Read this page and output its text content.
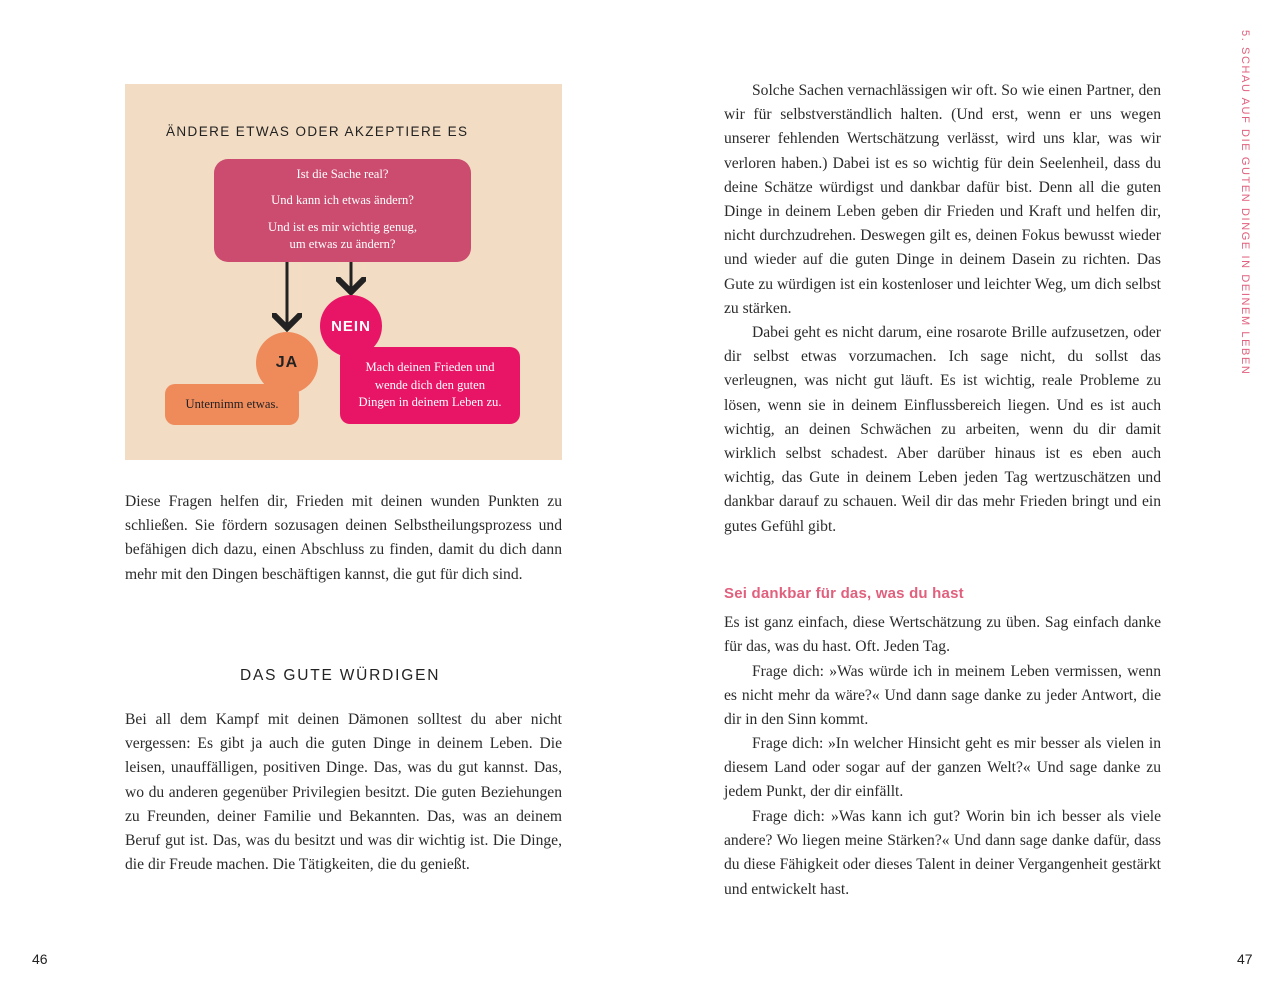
ÄNDERE ETWAS ODER AKZEPTIERE ES
Ist die Sache real?
Und kann ich etwas ändern?
Und ist es mir wichtig genug,
um etwas zu ändern?
Unternimm etwas.
JA	Mach deinen Frieden und
wende dich den guten
Dingen in deinem Leben zu.
NEIN

Diese Fragen helfen dir, Frieden mit deinen wunden Punkten zu schließen. Sie fördern sozusagen deinen Selbstheilungsprozess und befähigen dich dazu, einen Abschluss zu finden, damit du dich dann mehr mit den Dingen beschäftigen kannst, die gut für dich sind.

DAS GUTE WÜRDIGEN

Bei all dem Kampf mit deinen Dämonen solltest du aber nicht vergessen: Es gibt ja auch die guten Dinge in deinem Leben. Die leisen, unauffälligen, positiven Dinge. Das, was du gut kannst. Das, wo du anderen gegenüber Privilegien besitzt. Die guten Beziehungen zu Freunden, deiner Familie und Bekannten. Das, was an deinem Beruf gut ist. Das, was du besitzt und was dir wichtig ist. Die Dinge, die dir Freude machen. Die Tätigkeiten, die du genießt.

46

Solche Sachen vernachlässigen wir oft. So wie einen Partner, den wir für selbstverständlich halten. (Und erst, wenn er uns wegen unserer fehlenden Wertschätzung verlässt, wird uns klar, was wir verloren haben.) Dabei ist es so wichtig für dein Seelenheil, dass du deine Schätze würdigst und dankbar dafür bist. Denn all die guten Dinge in deinem Leben geben dir Frieden und Kraft und helfen dir, nicht durchzudrehen. Deswegen gilt es, deinen Fokus bewusst wieder und wieder auf die guten Dinge in deinem Dasein zu richten. Das Gute zu würdigen ist ein kostenloser und leichter Weg, um dich selbst zu stärken.

Dabei geht es nicht darum, eine rosarote Brille aufzusetzen, oder dir selbst etwas vorzumachen. Ich sage nicht, du sollst das verleugnen, was nicht gut läuft. Es ist wichtig, reale Probleme zu lösen, wenn sie in deinem Einflussbereich liegen. Und es ist auch wichtig, an deinen Schwächen zu arbeiten, wenn du dir damit wirklich selbst schadest. Aber darüber hinaus ist es eben auch wichtig, das Gute in deinem Leben jeden Tag wertzuschätzen und dankbar darauf zu schauen. Weil dir das mehr Frieden bringt und ein gutes Gefühl gibt.

Sei dankbar für das, was du hast

Es ist ganz einfach, diese Wertschätzung zu üben. Sag einfach danke für das, was du hast. Oft. Jeden Tag.

Frage dich: »Was würde ich in meinem Leben vermissen, wenn es nicht mehr da wäre?« Und dann sage danke zu jeder Antwort, die dir in den Sinn kommt.

Frage dich: »In welcher Hinsicht geht es mir besser als vielen in diesem Land oder sogar auf der ganzen Welt?« Und sage danke zu jedem Punkt, der dir einfällt.

Frage dich: »Was kann ich gut? Worin bin ich besser als viele andere? Wo liegen meine Stärken?« Und dann sage danke dafür, dass du diese Fähigkeit oder dieses Talent in deiner Vergangenheit gestärkt und entwickelt hast.

47
5. SCHAU AUF DIE GUTEN DINGE IN DEINEM LEBEN
